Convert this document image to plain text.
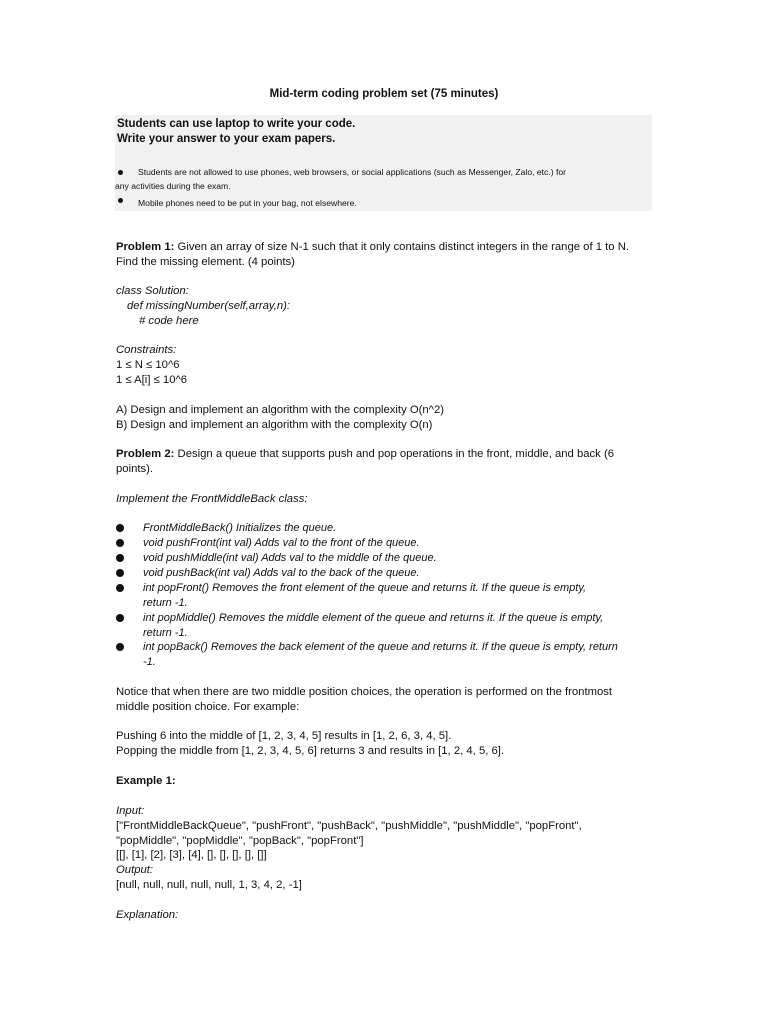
Mid-term coding problem set (75 minutes)
Students can use laptop to write your code.
Write your answer to your exam papers.
Students are not allowed to use phones, web browsers, or social applications (such as Messenger, Zalo, etc.) for
any activities during the exam.
Mobile phones need to be put in your bag, not elsewhere.
Problem 1: Given an array of size N-1 such that it only contains distinct integers in the range of 1 to N.
Find the missing element. (4 points)
class Solution:
def missingNumber(self,array,n):
# code here
Constraints:
1 ≤ N ≤ 10^6
1 ≤ A[i] ≤ 10^6
A) Design and implement an algorithm with the complexity O(n^2)
B) Design and implement an algorithm with the complexity O(n)
Problem 2: Design a queue that supports push and pop operations in the front, middle, and back (6
points).
Implement the FrontMiddleBack class:
FrontMiddleBack() Initializes the queue.
void pushFront(int val) Adds val to the front of the queue.
void pushMiddle(int val) Adds val to the middle of the queue.
void pushBack(int val) Adds val to the back of the queue.
int popFront() Removes the front element of the queue and returns it. If the queue is empty,
return -1.
int popMiddle() Removes the middle element of the queue and returns it. If the queue is empty,
return -1.
int popBack() Removes the back element of the queue and returns it. If the queue is empty, return
-1.
Notice that when there are two middle position choices, the operation is performed on the frontmost
middle position choice. For example:
Pushing 6 into the middle of [1, 2, 3, 4, 5] results in [1, 2, 6, 3, 4, 5].
Popping the middle from [1, 2, 3, 4, 5, 6] returns 3 and results in [1, 2, 4, 5, 6].
Example 1:
Input:
["FrontMiddleBackQueue", "pushFront", "pushBack", "pushMiddle", "pushMiddle", "popFront",
"popMiddle", "popMiddle", "popBack", "popFront"]
[[], [1], [2], [3], [4], [], [], [], [], []]
Output:
[null, null, null, null, null, 1, 3, 4, 2, -1]
Explanation:
